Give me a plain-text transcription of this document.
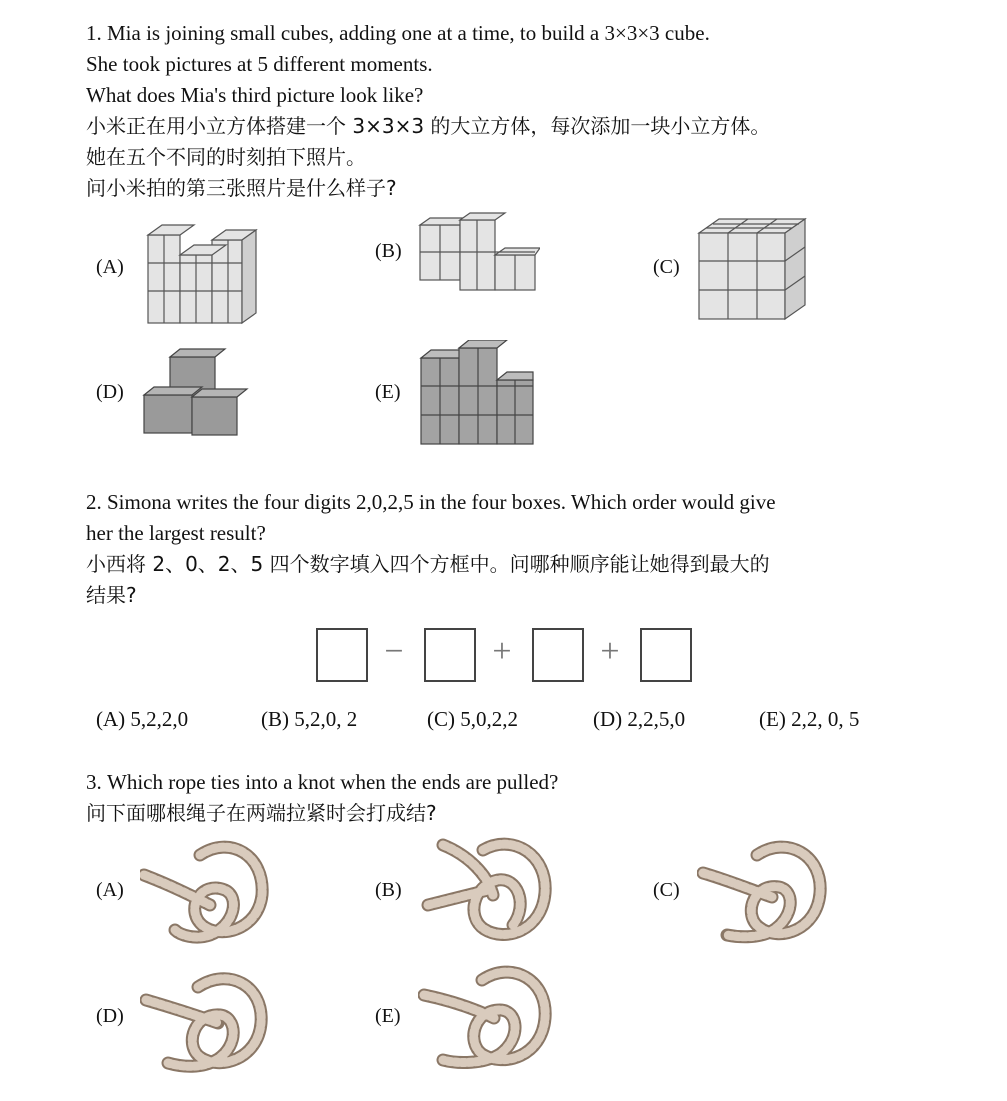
1. Mia is joining small cubes, adding one at a time, to build a 3×3×3 cube.
She took pictures at 5 different moments.
What does Mia's third picture look like?
小米正在用小立方体搭建一个 3×3×3 的大立方体，每次添加一块小立方体。
她在五个不同的时刻拍下照片。
问小米拍的第三张照片是什么样子?
(A)
(B)
(C)
(D)	(E)
2. Simona writes the four digits 2,0,2,5 in the four boxes. Which order would give
her the largest result?
小西将 2、0、2、5 四个数字填入四个方框中。问哪种顺序能让她得到最大的
结果?
−	+	+
(A) 5,2,2,0	(B) 5,2,0, 2	(C) 5,0,2,2	(D) 2,2,5,0	(E) 2,2, 0, 5
3. Which rope ties into a knot when the ends are pulled?
问下面哪根绳子在两端拉紧时会打成结?
(A)	(B)	(C)
(D)	(E)
